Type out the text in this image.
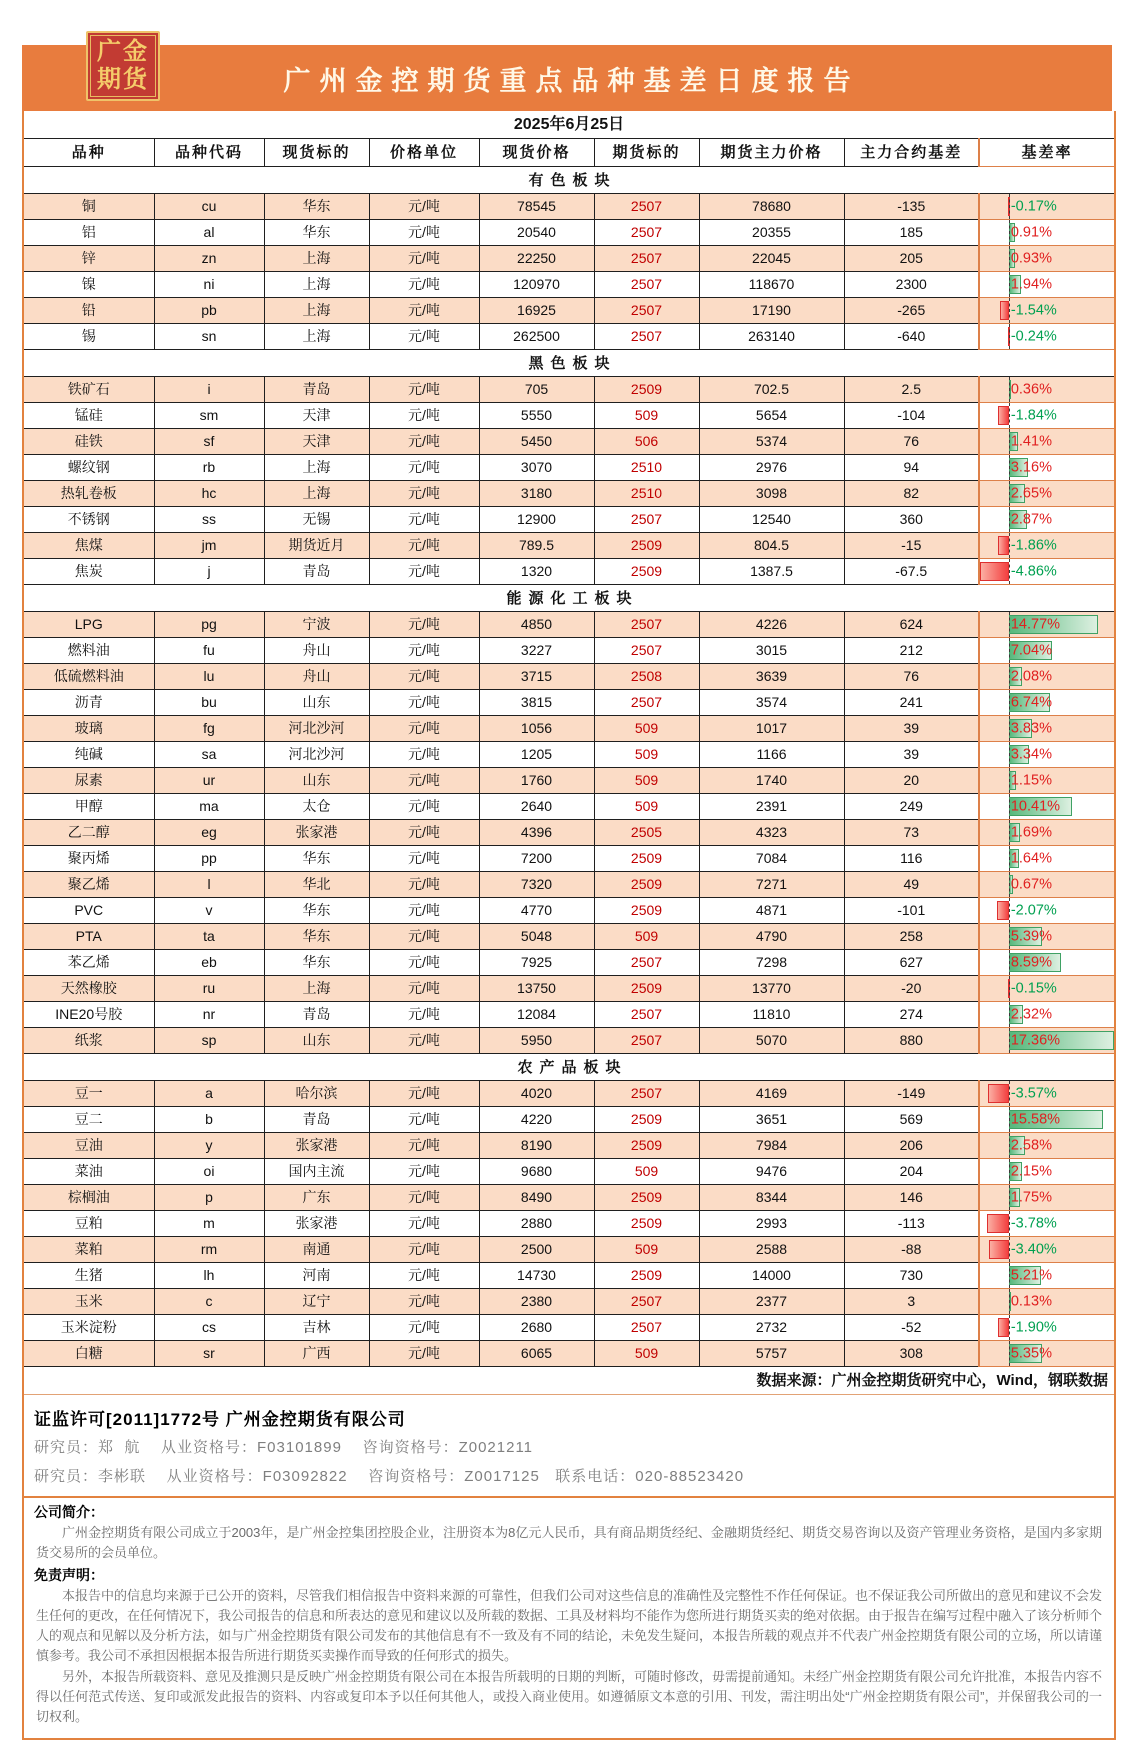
广金
期货	广州金控期货重点品种基差日度报告
2025年6月25日								
品种	品种代码	现货标的	价格单位	现货价格	期货标的	期货主力价格	主力合约基差	基差率
有色板块								
铜	cu	华东	元/吨	78545	2507	78680	-135	-0.17%

铝	al	华东	元/吨	20540	2507	20355	185	0.91%

锌	zn	上海	元/吨	22250	2507	22045	205	0.93%

镍	ni	上海	元/吨	120970	2507	118670	2300	1.94%

铅	pb	上海	元/吨	16925	2507	17190	-265	-1.54%

锡	sn	上海	元/吨	262500	2507	263140	-640	-0.24%

黑色板块								
铁矿石	i	青岛	元/吨	705	2509	702.5	2.5	0.36%

锰硅	sm	天津	元/吨	5550	509	5654	-104	-1.84%

硅铁	sf	天津	元/吨	5450	506	5374	76	1.41%

螺纹钢	rb	上海	元/吨	3070	2510	2976	94	3.16%

热轧卷板	hc	上海	元/吨	3180	2510	3098	82	2.65%

不锈钢	ss	无锡	元/吨	12900	2507	12540	360	2.87%

焦煤	jm	期货近月	元/吨	789.5	2509	804.5	-15	-1.86%

焦炭	j	青岛	元/吨	1320	2509	1387.5	-67.5	-4.86%

能源化工板块								
LPG	pg	宁波	元/吨	4850	2507	4226	624	14.77%

燃料油	fu	舟山	元/吨	3227	2507	3015	212	7.04%

低硫燃料油	lu	舟山	元/吨	3715	2508	3639	76	2.08%

沥青	bu	山东	元/吨	3815	2507	3574	241	6.74%

玻璃	fg	河北沙河	元/吨	1056	509	1017	39	3.83%

纯碱	sa	河北沙河	元/吨	1205	509	1166	39	3.34%

尿素	ur	山东	元/吨	1760	509	1740	20	1.15%

甲醇	ma	太仓	元/吨	2640	509	2391	249	10.41%

乙二醇	eg	张家港	元/吨	4396	2505	4323	73	1.69%

聚丙烯	pp	华东	元/吨	7200	2509	7084	116	1.64%

聚乙烯	l	华北	元/吨	7320	2509	7271	49	0.67%

PVC	v	华东	元/吨	4770	2509	4871	-101	-2.07%

PTA	ta	华东	元/吨	5048	509	4790	258	5.39%

苯乙烯	eb	华东	元/吨	7925	2507	7298	627	8.59%

天然橡胶	ru	上海	元/吨	13750	2509	13770	-20	-0.15%

INE20号胶	nr	青岛	元/吨	12084	2507	11810	274	2.32%

纸浆	sp	山东	元/吨	5950	2507	5070	880	17.36%

农产品板块								
豆一	a	哈尔滨	元/吨	4020	2507	4169	-149	-3.57%

豆二	b	青岛	元/吨	4220	2509	3651	569	15.58%

豆油	y	张家港	元/吨	8190	2509	7984	206	2.58%

菜油	oi	国内主流	元/吨	9680	509	9476	204	2.15%

棕榈油	p	广东	元/吨	8490	2509	8344	146	1.75%

豆粕	m	张家港	元/吨	2880	2509	2993	-113	-3.78%

菜粕	rm	南通	元/吨	2500	509	2588	-88	-3.40%

生猪	lh	河南	元/吨	14730	2509	14000	730	5.21%

玉米	c	辽宁	元/吨	2380	2507	2377	3	0.13%

玉米淀粉	cs	吉林	元/吨	2680	2507	2732	-52	-1.90%

白糖	sr	广西	元/吨	6065	509	5757	308	5.35%

数据来源：广州金控期货研究中心，Wind，钢联数据								
证监许可[2011]1772号 广州金控期货有限公司
研究员：郑  航    从业资格号：F03101899    咨询资格号：Z0021211
研究员：李彬联    从业资格号：F03092822    咨询资格号：Z0017125   联系电话：020-88523420
公司简介：

广州金控期货有限公司成立于2003年，是广州金控集团控股企业，注册资本为8亿元人民币，具有商品期货经纪、金融期货经纪、期货交易咨询以及资产管理业务资格，是国内多家期货交易所的会员单位。

免责声明：

本报告中的信息均来源于已公开的资料，尽管我们相信报告中资料来源的可靠性，但我们公司对这些信息的准确性及完整性不作任何保证。也不保证我公司所做出的意见和建议不会发生任何的更改，在任何情况下，我公司报告的信息和所表达的意见和建议以及所载的数据、工具及材料均不能作为您所进行期货买卖的绝对依据。由于报告在编写过程中融入了该分析师个人的观点和见解以及分析方法，如与广州金控期货有限公司发布的其他信息有不一致及有不同的结论，未免发生疑问，本报告所载的观点并不代表广州金控期货有限公司的立场，所以请谨慎参考。我公司不承担因根据本报告所进行期货买卖操作而导致的任何形式的损失。

另外，本报告所载资料、意见及推测只是反映广州金控期货有限公司在本报告所载明的日期的判断，可随时修改，毋需提前通知。未经广州金控期货有限公司允许批准，本报告内容不得以任何范式传送、复印或派发此报告的资料、内容或复印本予以任何其他人，或投入商业使用。如遵循原文本意的引用、刊发，需注明出处“广州金控期货有限公司”，并保留我公司的一切权利。
